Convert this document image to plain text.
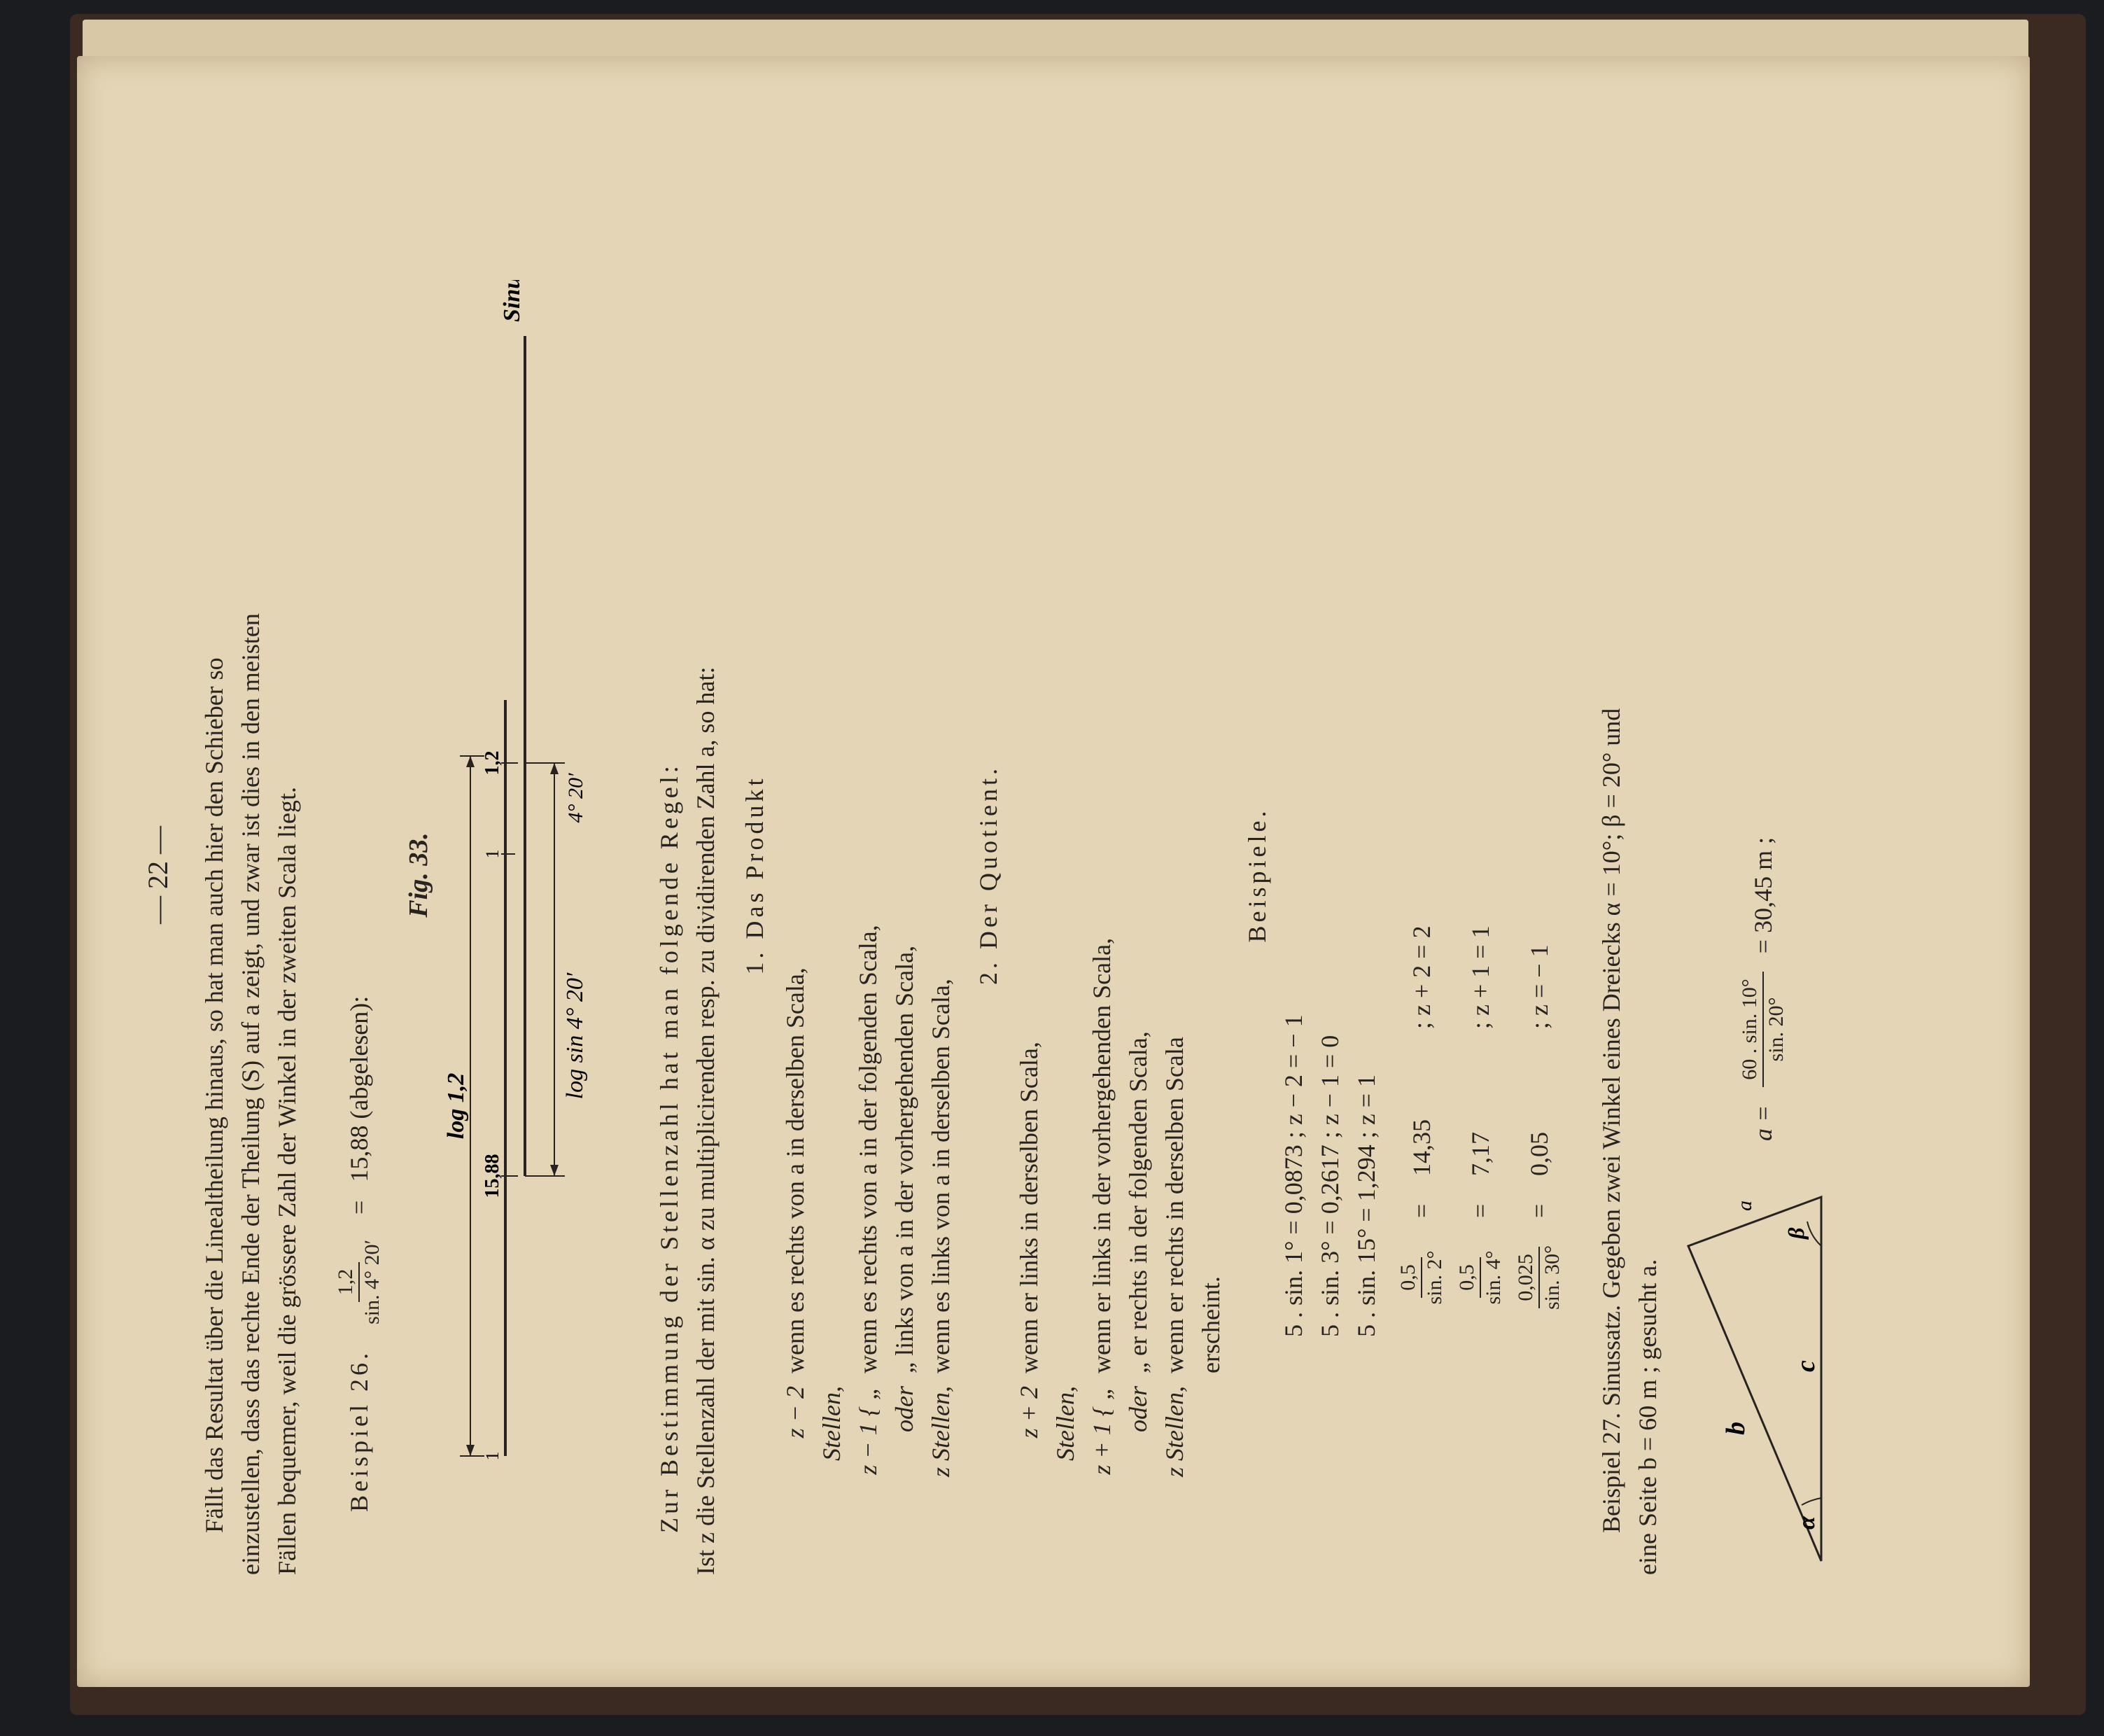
— 22 — Fällt das Resultat über die Linealtheilung hinaus, so hat man auch hier den Schieber so einzustellen, dass das rechte Ende der Theilung (S) auf a zeigt, und zwar ist dies in den meisten Fällen bequemer, weil die grössere Zahl der Winkel in der zweiten Scala liegt. Beispiel 26.
1,2 sin. 4° 20′
=
15,88 (abgelesen):
Fig. 33.
log 1,2
1
15,88
1
1,2
Sinus
log sin 4° 20′
4° 20′	Zur Bestimmung der Stellenzahl hat man folgende Regel: Ist z die Stellenzahl der mit sin. α zu multiplicirenden resp. zu dividirenden Zahl a, so hat: 1. Das Produkt
z − 2 Stellen,
wenn es rechts von a in derselben Scala,
z − 1 { „
wenn es rechts von a in der folgenden Scala,
oder
„ links von a in der vorhergehenden Scala,
z Stellen,
wenn es links von a in derselben Scala,
2. Der Quotient.
z + 2 Stellen,
wenn er links in derselben Scala,
z + 1 { „
wenn er links in der vorhergehenden Scala,
oder
„ er rechts in der folgenden Scala,
z Stellen,
wenn er rechts in derselben Scala erscheint.
Beispiele.
5 . sin. 1° = 0,0873 ; z − 2 = − 1 5 . sin. 3° = 0,2617 ; z − 1 = 0 5 . sin. 15° = 1,294 ; z = 1 0,5 sin. 2°
=
14,35
; z + 2 = 2
0,5 sin. 4°
=
7,17
; z + 1 = 1
0,025 sin. 30°
=
0,05
; z = − 1 Beispiel 27. Sinussatz. Gegeben zwei Winkel eines Dreiecks α = 10°; β = 20° und eine Seite b = 60 m ; gesucht a.	α
β
b
a
c
a =
60 . sin. 10° sin. 20°
= 30,45 m ;
